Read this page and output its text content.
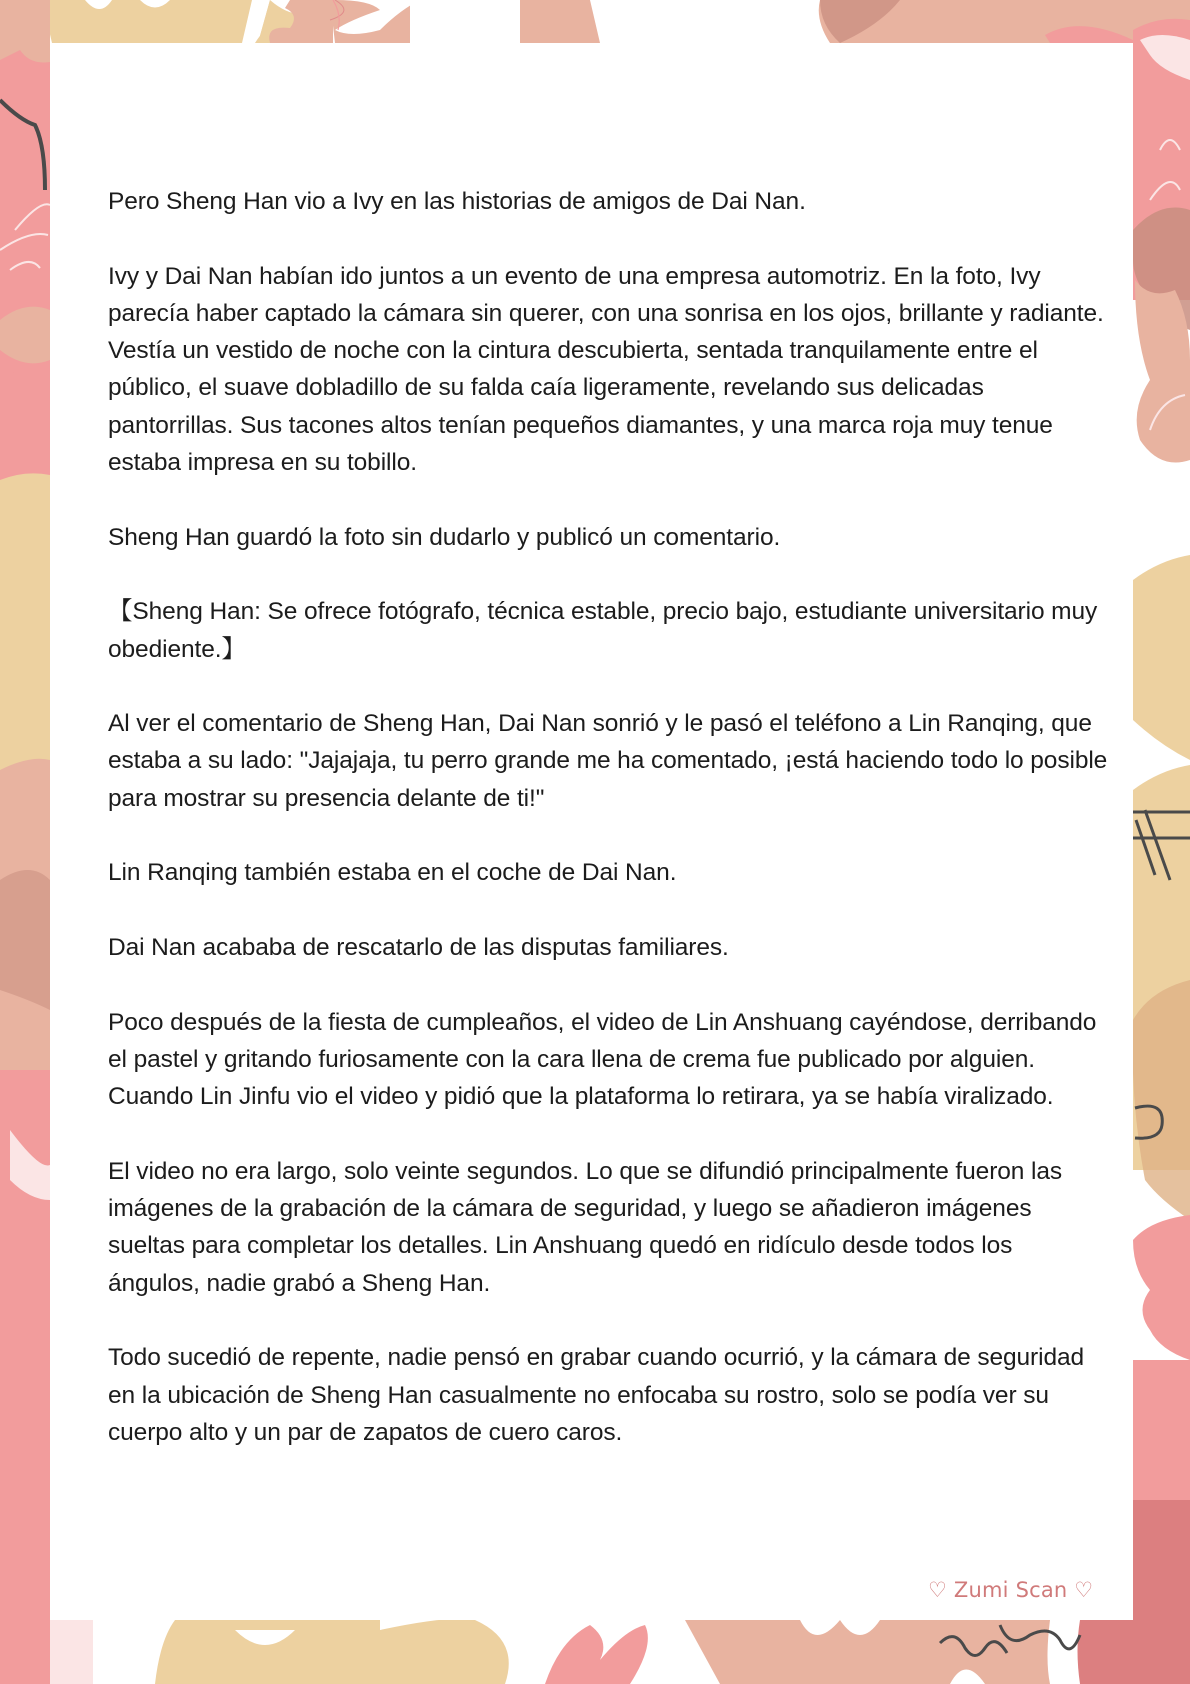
Pero Sheng Han vio a Ivy en las historias de amigos de Dai Nan.

Ivy y Dai Nan habían ido juntos a un evento de una empresa automotriz. En la foto, Ivy parecía haber captado la cámara sin querer, con una sonrisa en los ojos, brillante y radiante. Vestía un vestido de noche con la cintura descubierta, sentada tranquilamente entre el público, el suave dobladillo de su falda caía ligeramente, revelando sus delicadas pantorrillas. Sus tacones altos tenían pequeños diamantes, y una marca roja muy tenue estaba impresa en su tobillo.

Sheng Han guardó la foto sin dudarlo y publicó un comentario.

【Sheng Han: Se ofrece fotógrafo, técnica estable, precio bajo, estudiante universitario muy obediente.】

Al ver el comentario de Sheng Han, Dai Nan sonrió y le pasó el teléfono a Lin Ranqing, que estaba a su lado: "Jajajaja, tu perro grande me ha comentado, ¡está haciendo todo lo posible para mostrar su presencia delante de ti!"

Lin Ranqing también estaba en el coche de Dai Nan.

Dai Nan acababa de rescatarlo de las disputas familiares.

Poco después de la fiesta de cumpleaños, el video de Lin Anshuang cayéndose, derribando el pastel y gritando furiosamente con la cara llena de crema fue publicado por alguien. Cuando Lin Jinfu vio el video y pidió que la plataforma lo retirara, ya se había viralizado.

El video no era largo, solo veinte segundos. Lo que se difundió principalmente fueron las imágenes de la grabación de la cámara de seguridad, y luego se añadieron imágenes sueltas para completar los detalles. Lin Anshuang quedó en ridículo desde todos los ángulos, nadie grabó a Sheng Han.

Todo sucedió de repente, nadie pensó en grabar cuando ocurrió, y la cámara de seguridad en la ubicación de Sheng Han casualmente no enfocaba su rostro, solo se podía ver su cuerpo alto y un par de zapatos de cuero caros.

♡ Zumi Scan ♡
